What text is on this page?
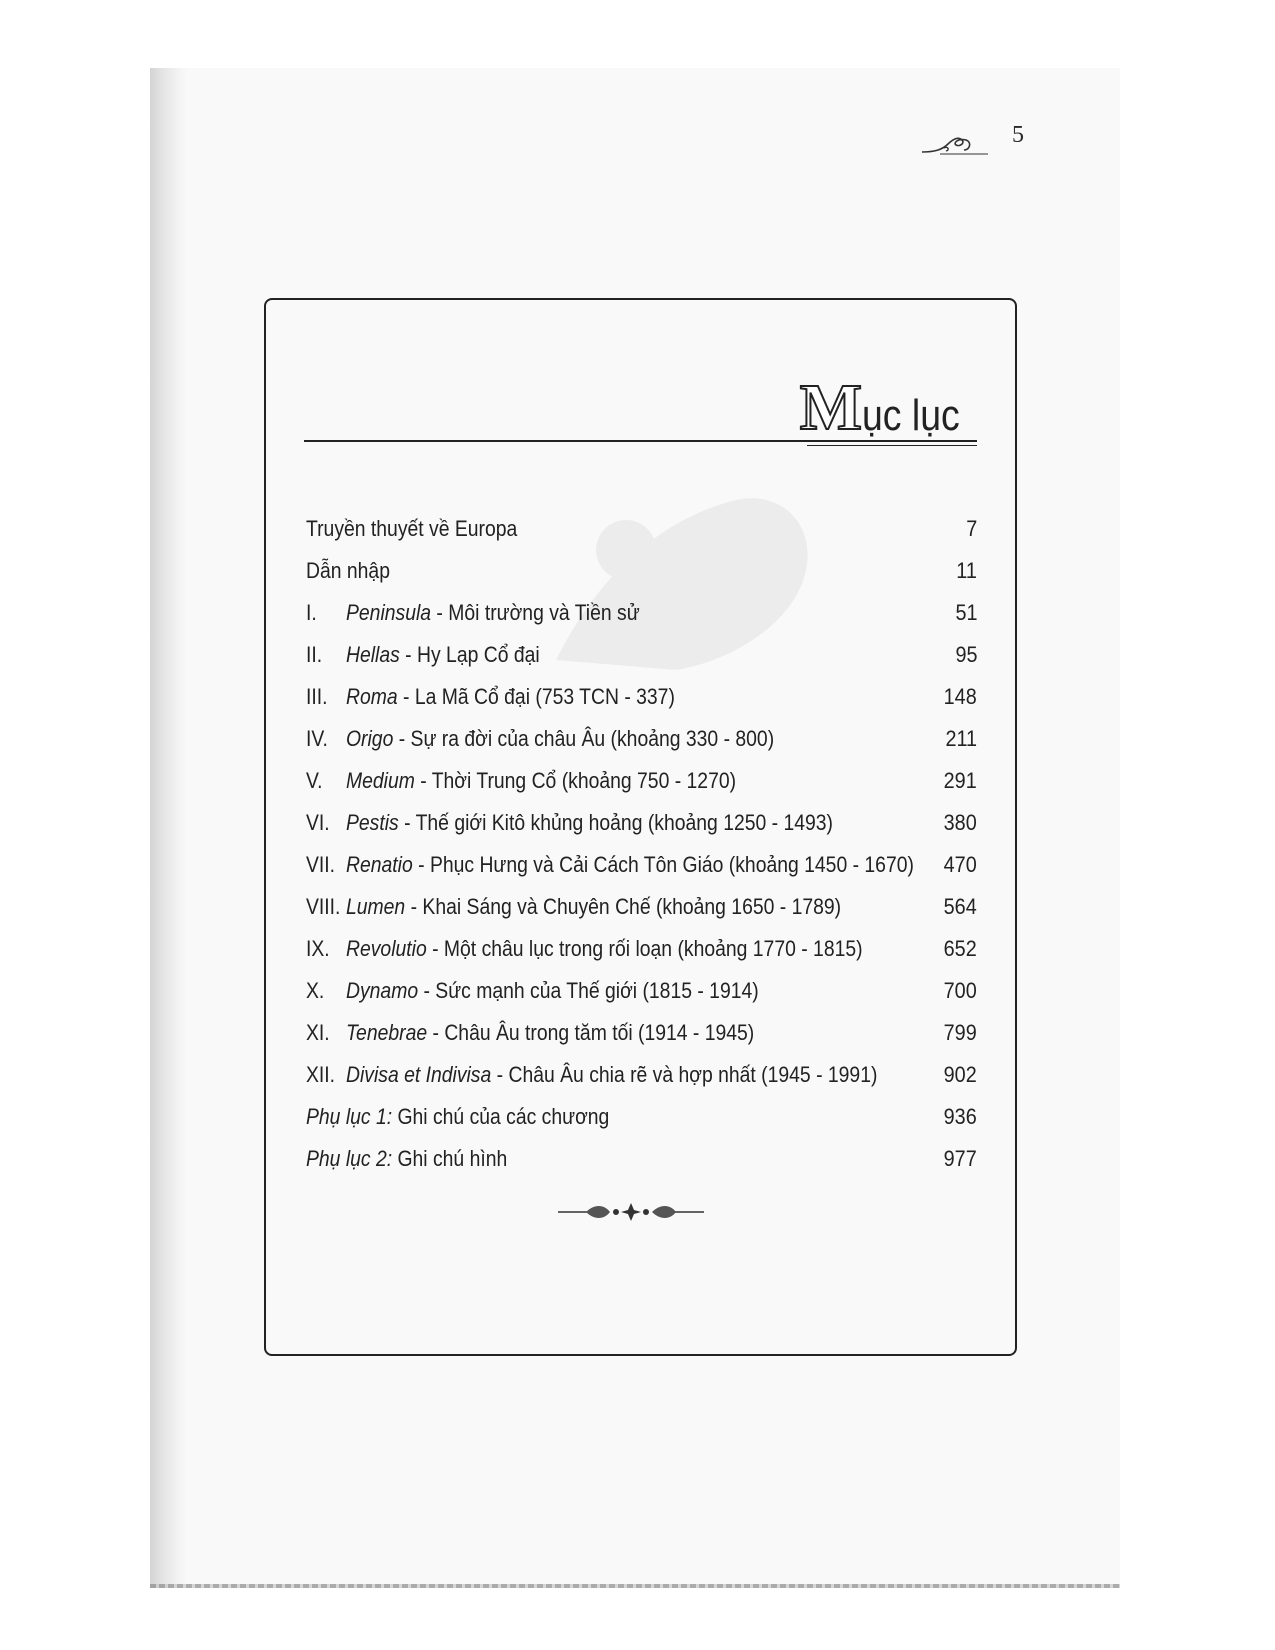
5
M ục lục
Truyền thuyết về Europa	7
Dẫn nhập	11
I.	Peninsula - Môi trường và Tiền sử	51
II.	Hellas - Hy Lạp Cổ đại	95
III. Roma - La Mã Cổ đại (753 TCN - 337)	148
IV. Origo - Sự ra đời của châu Âu (khoảng 330 - 800)	211
V.	Medium - Thời Trung Cổ (khoảng 750 - 1270)	291
VI. Pestis - Thế giới Kitô khủng hoảng (khoảng 1250 - 1493)	380
VII. Renatio - Phục Hưng và Cải Cách Tôn Giáo (khoảng 1450 - 1670) 470
VIII. Lumen - Khai Sáng và Chuyên Chế (khoảng 1650 - 1789)	564
IX. Revolutio - Một châu lục trong rối loạn (khoảng 1770 - 1815)	652
X. Dynamo - Sức mạnh của Thế giới (1815 - 1914)	700
XI. Tenebrae - Châu Âu trong tăm tối (1914 - 1945)	799
XII. Divisa et Indivisa - Châu Âu chia rẽ và hợp nhất (1945 - 1991)	902
Phụ lục 1: Ghi chú của các chương	936
Phụ lục 2: Ghi chú hình	977
